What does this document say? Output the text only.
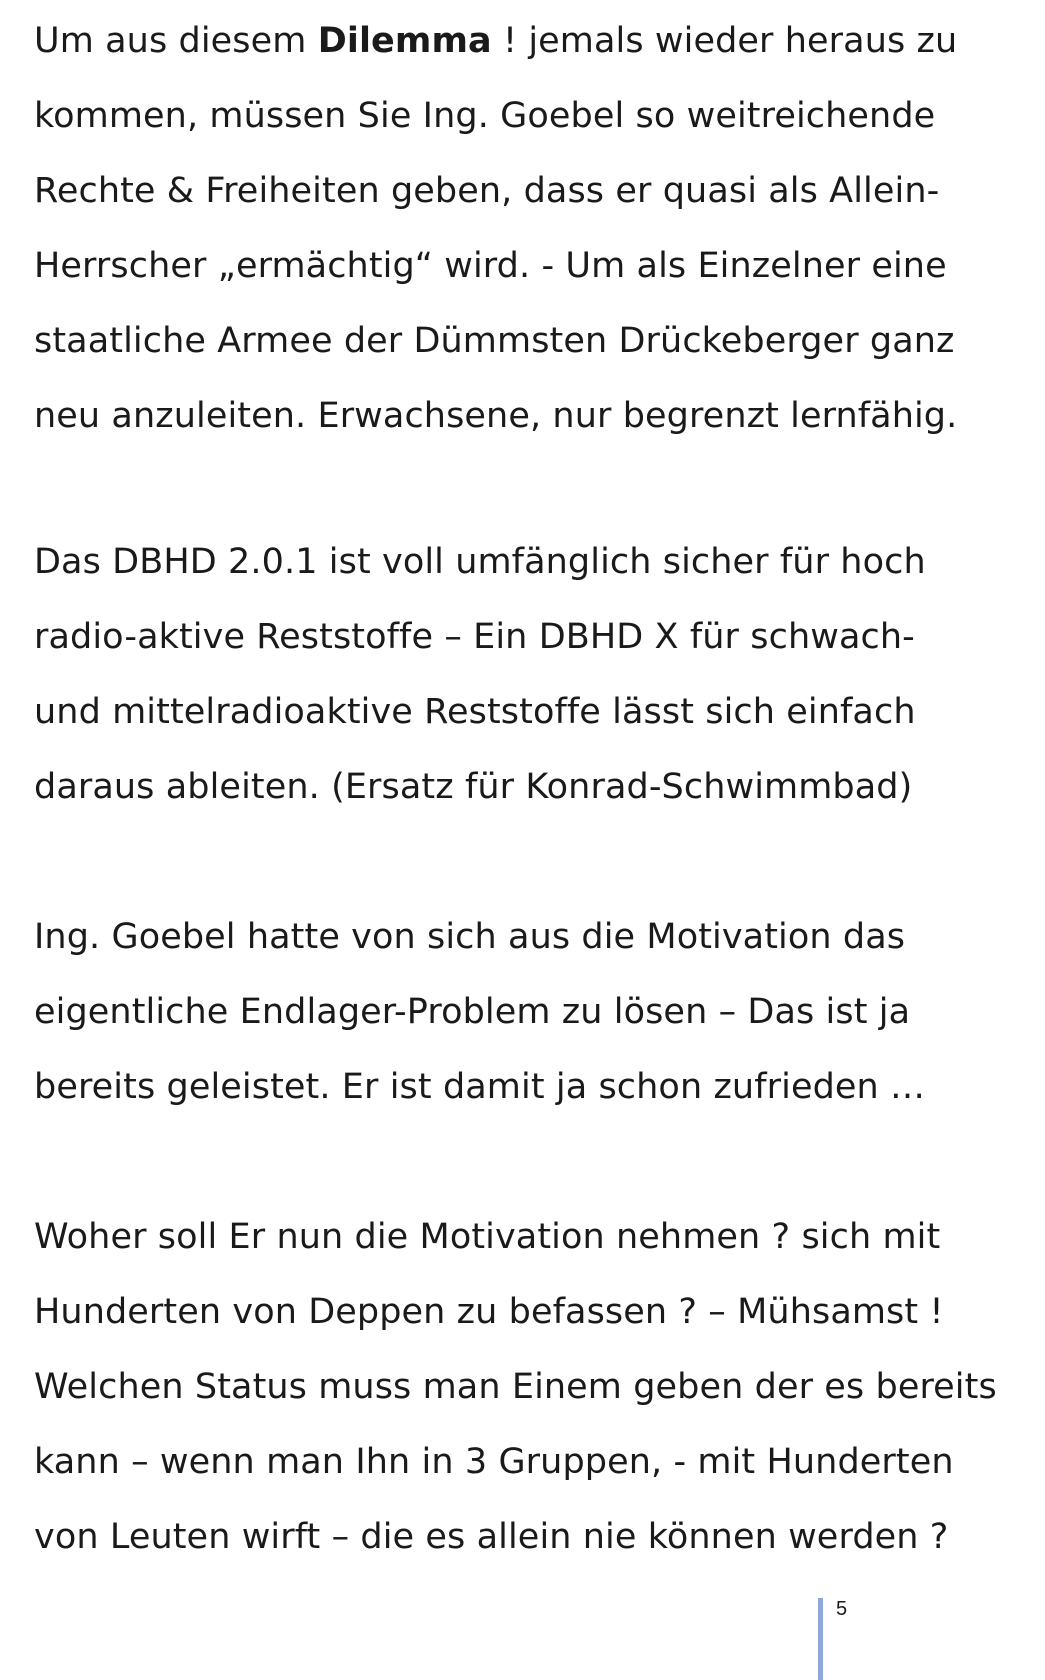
Um aus diesem Dilemma ! jemals wieder heraus zu
kommen, müssen Sie Ing. Goebel so weitreichende
Rechte & Freiheiten geben, dass er quasi als Allein-
Herrscher „ermächtig“ wird. - Um als Einzelner eine
staatliche Armee der Dümmsten Drückeberger ganz
neu anzuleiten. Erwachsene, nur begrenzt lernfähig.
Das DBHD 2.0.1 ist voll umfänglich sicher für hoch
radio-aktive Reststoffe – Ein DBHD X für schwach-
und mittelradioaktive Reststoffe lässt sich einfach
daraus ableiten. (Ersatz für Konrad-Schwimmbad)
Ing. Goebel hatte von sich aus die Motivation das
eigentliche Endlager-Problem zu lösen – Das ist ja
bereits geleistet. Er ist damit ja schon zufrieden …
Woher soll Er nun die Motivation nehmen ? sich mit
Hunderten von Deppen zu befassen ? – Mühsamst !
Welchen Status muss man Einem geben der es bereits
kann – wenn man Ihn in 3 Gruppen, - mit Hunderten
von Leuten wirft – die es allein nie können werden ?
5
